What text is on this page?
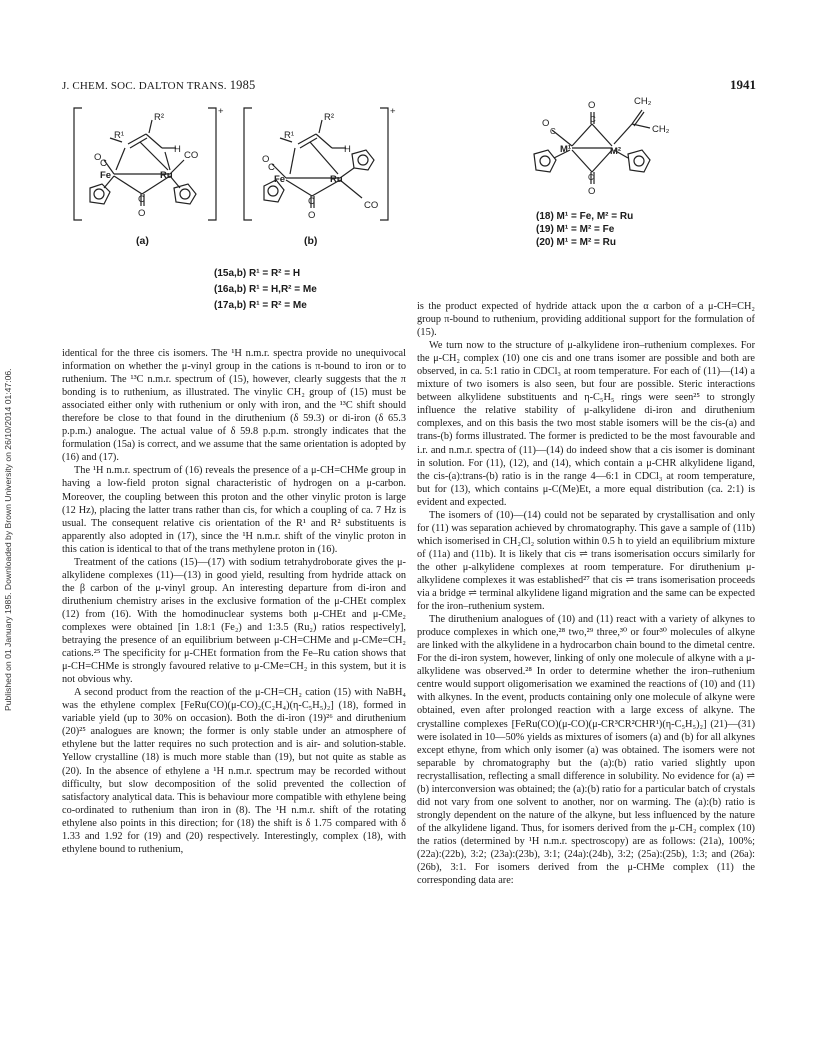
Published on 01 January 1985. Downloaded by Brown University on 26/10/2014 01:47:06.
J. CHEM. SOC. DALTON TRANS. 1985	1941
+
R²
R¹
H
O
C
CO
Fe	Ru
C
O
+
R²
R¹
H
O
C
Fe	Ru
C
O
CO
(a)	(b)
(15a,b) R¹ = R² = H
(16a,b) R¹ = H,R² = Me
(17a,b) R¹ = R² = Me
O
C
O
C
M¹	M²
C
O
CH₂
CH₂
(18) M¹ = Fe, M² = Ru
(19) M¹ = M² = Fe
(20) M¹ = M² = Ru

identical for the three cis isomers. The ¹H n.m.r. spectra provide no unequivocal information on whether the μ-vinyl group in the cations is π-bound to iron or to ruthenium. The ¹³C n.m.r. spectrum of (15), however, clearly suggests that the π bonding is to ruthenium, as illustrated. The vinylic CH₂ group of (15) must be associated either only with ruthenium or only with iron, and the ¹³C shift should therefore be close to that found in the diruthenium (δ 59.3) or di-iron (δ 65.3 p.p.m.) analogue. The actual value of δ 59.8 p.p.m. strongly indicates that the formulation (15a) is correct, and we assume that the same orientation is adopted by (16) and (17).

The ¹H n.m.r. spectrum of (16) reveals the presence of a μ-CH=CHMe group in having a low-field proton signal characteristic of hydrogen on a μ-carbon. Moreover, the coupling between this proton and the other vinylic proton is large (12 Hz), placing the latter trans rather than cis, for which a coupling of ca. 7 Hz is usual. The consequent relative cis orientation of the R¹ and R² substituents is apparently also adopted in (17), since the ¹H n.m.r. shift of the vinylic proton in this cation is identical to that of the trans methylene proton in (16).

Treatment of the cations (15)—(17) with sodium tetrahydroborate gives the μ-alkylidene complexes (11)—(13) in good yield, resulting from hydride attack on the β carbon of the μ-vinyl group. An interesting departure from di-iron and diruthenium chemistry arises in the exclusive formation of the μ-CHEt complex (12) from (16). With the homodinuclear systems both μ-CHEt and μ-CMe₂ complexes were obtained [in 1.8:1 (Fe₂) and 1:3.5 (Ru₂) ratios respectively], betraying the presence of an equilibrium between μ-CH=CHMe and μ-CMe=CH₂ cations.²⁵ The specificity for μ-CHEt formation from the Fe–Ru cation shows that μ-CH=CHMe is strongly favoured relative to μ-CMe=CH₂ in this system, but it is not obvious why.

A second product from the reaction of the μ-CH=CH₂ cation (15) with NaBH₄ was the ethylene complex [FeRu(CO)(μ-CO)₂(C₂H₄)(η-C₅H₅)₂] (18), formed in variable yield (up to 30% on occasion). Both the di-iron (19)²⁶ and diruthenium (20)²⁵ analogues are known; the former is only stable under an atmosphere of ethylene but the latter requires no such protection and is air- and solution-stable. Yellow crystalline (18) is much more stable than (19), but not quite as stable as (20). In the absence of ethylene a ¹H n.m.r. spectrum may be recorded without difficulty, but slow decomposition of the solid prevented the collection of satisfactory analytical data. This is behaviour more compatible with ethylene being co-ordinated to ruthenium than iron in (8). The ¹H n.m.r. shift of the rotating ethylene also points in this direction; for (18) the shift is δ 1.75 compared with δ 1.33 and 1.92 for (19) and (20) respectively. Interestingly, complex (18), with ethylene bound to ruthenium,

is the product expected of hydride attack upon the α carbon of a μ-CH=CH₂ group π-bound to ruthenium, providing additional support for the formulation of (15).

We turn now to the structure of μ-alkylidene iron–ruthenium complexes. For the μ-CH₂ complex (10) one cis and one trans isomer are possible and both are observed, in ca. 5:1 ratio in CDCl₃ at room temperature. For each of (11)—(14) a mixture of two isomers is also seen, but four are possible. Steric interactions between alkylidene substituents and η-C₅H₅ rings were seen²⁵ to strongly influence the relative stability of μ-alkylidene di-iron and diruthenium complexes, and on this basis the two most stable isomers will be the cis-(a) and trans-(b) forms illustrated. The former is predicted to be the most favourable and i.r. and n.m.r. spectra of (11)—(14) do indeed show that a cis isomer is dominant in solution. For (11), (12), and (14), which contain a μ-CHR alkylidene ligand, the cis-(a):trans-(b) ratio is in the range 4—6:1 in CDCl₃ at room temperature, but for (13), which contains μ-C(Me)Et, a more equal distribution (ca. 2:1) is evident and expected.

The isomers of (10)—(14) could not be separated by crystallisation and only for (11) was separation achieved by chromatography. This gave a sample of (11b) which isomerised in CH₂Cl₂ solution within 0.5 h to yield an equilibrium mixture of (11a) and (11b). It is likely that cis ⇌ trans isomerisation occurs similarly for the other μ-alkylidene complexes at room temperature. For diruthenium μ-alkylidene complexes it was established²⁷ that cis ⇌ trans isomerisation proceeds via a bridge ⇌ terminal alkylidene ligand migration and the same can be expected for the iron–ruthenium system.

The diruthenium analogues of (10) and (11) react with a variety of alkynes to produce complexes in which one,²⁸ two,²⁹ three,³⁰ or four³⁰ molecules of alkyne are linked with the alkylidene in a hydrocarbon chain bound to the dimetal centre. For the di-iron system, however, linking of only one molecule of alkyne with a μ-alkylidene was observed.²⁸ In order to determine whether the iron–ruthenium centre would support oligomerisation we examined the reactions of (10) and (11) with alkynes. In the event, products containing only one molecule of alkyne were obtained, even after prolonged reaction with a large excess of alkyne. The crystalline complexes [FeRu(CO)(μ-CO)(μ-CR³CR²CHR¹)(η-C₅H₅)₂] (21)—(31) were isolated in 10—50% yields as mixtures of isomers (a) and (b) for all alkynes except ethyne, from which only isomer (a) was obtained. The isomers were not separable by chromatography but the (a):(b) ratio varied slightly upon recrystallisation, reflecting a small difference in solubility. No evidence for (a) ⇌ (b) interconversion was obtained; the (a):(b) ratio for a particular batch of crystals did not vary from one solvent to another, nor on warming. The (a):(b) ratio is strongly dependent on the nature of the alkyne, but less influenced by the nature of the alkylidene ligand. Thus, for isomers derived from the μ-CH₂ complex (10) the ratios (determined by ¹H n.m.r. spectroscopy) are as follows: (21a), 100%; (22a):(22b), 3:2; (23a):(23b), 3:1; (24a):(24b), 3:2; (25a):(25b), 1:3; and (26a):(26b), 3:1. For isomers derived from the μ-CHMe complex (11) the corresponding data are:
